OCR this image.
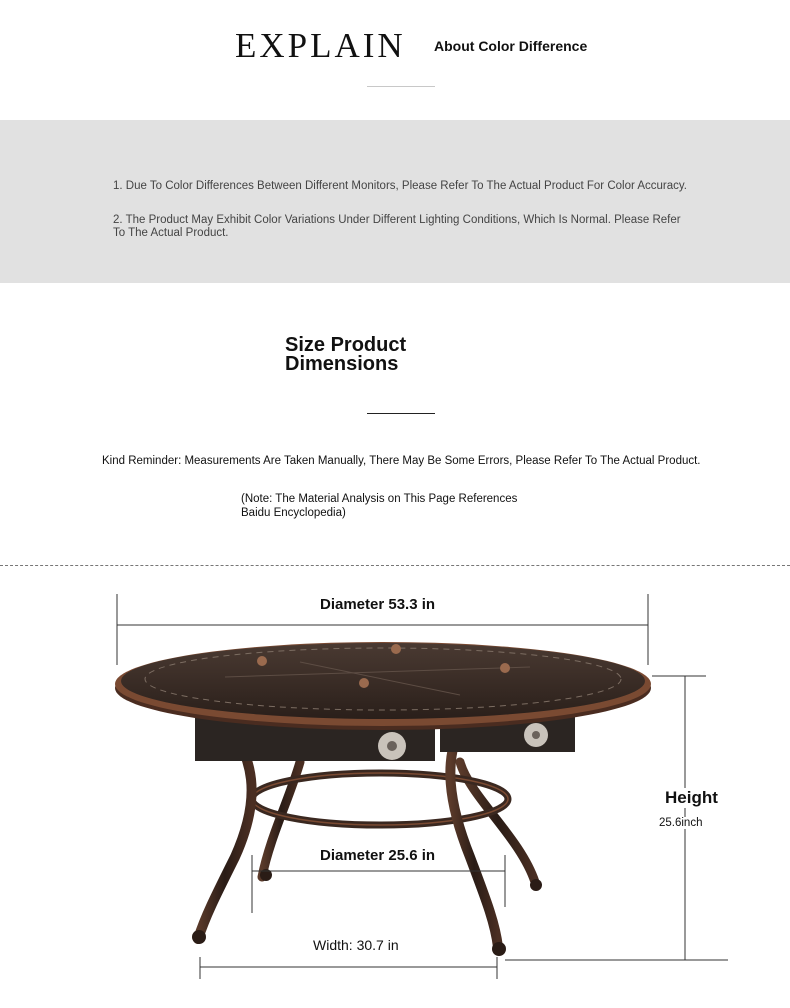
EXPLAIN About Color Difference
1. Due To Color Differences Between Different Monitors, Please Refer To The Actual Product For Color Accuracy.
2. The Product May Exhibit Color Variations Under Different Lighting Conditions, Which Is Normal. Please Refer To The Actual Product.
Size Product
Dimensions
Kind Reminder: Measurements Are Taken Manually, There May Be Some Errors, Please Refer To The Actual Product.
(Note: The Material Analysis on This Page References
Baidu Encyclopedia)
Diameter 53.3 in
Diameter 25.6 in
Width: 30.7 in
Height
25.6inch
